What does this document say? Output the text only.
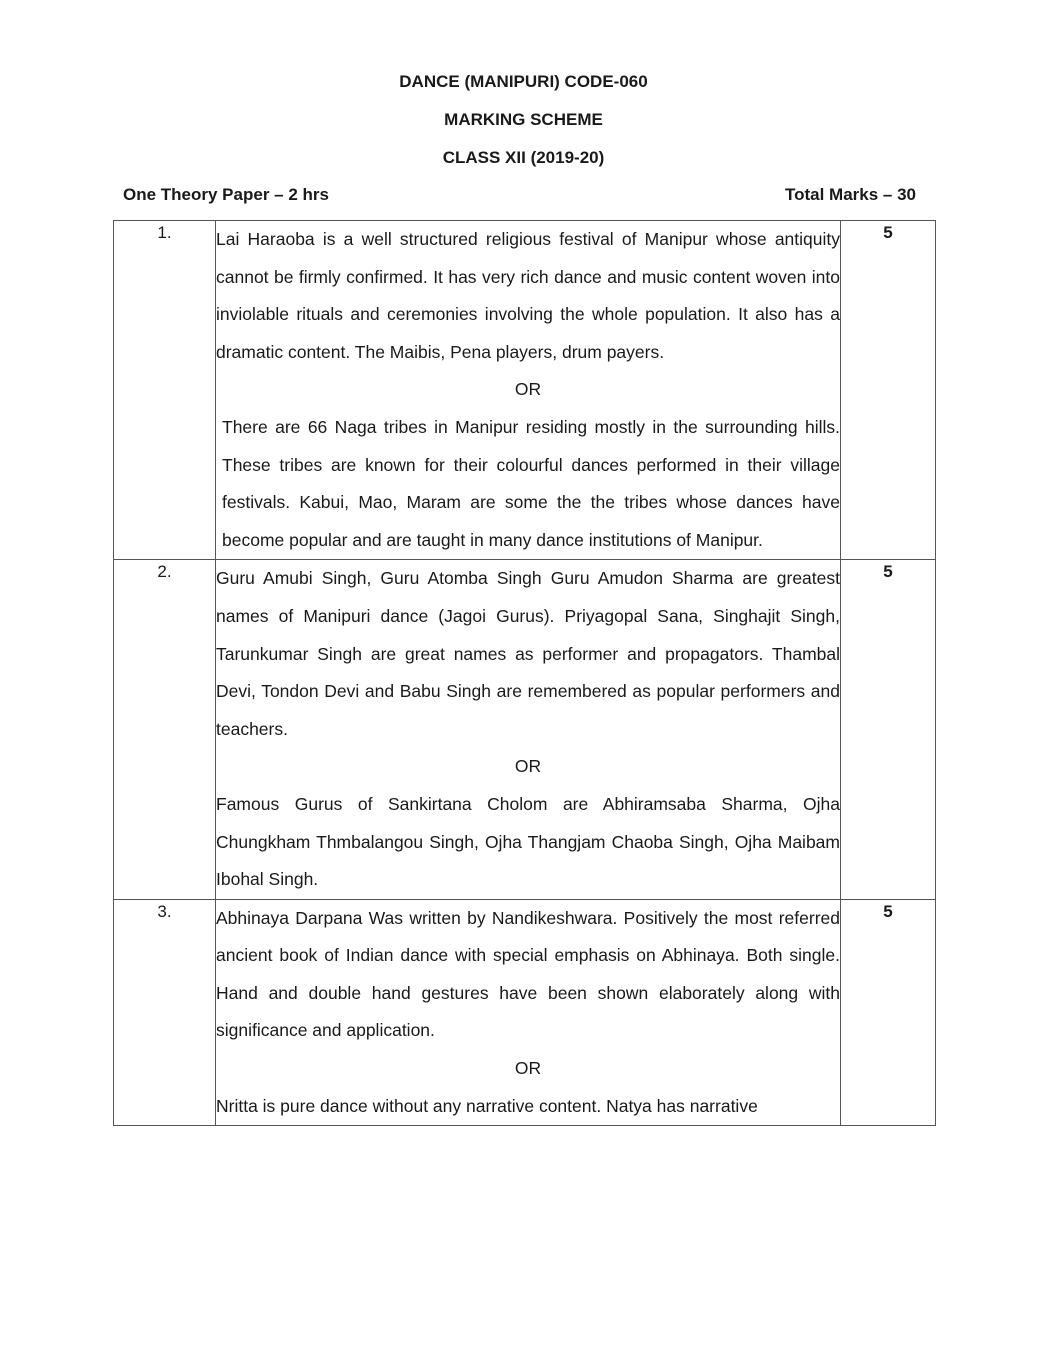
DANCE (MANIPURI) CODE-060
MARKING SCHEME
CLASS XII (2019-20)
One Theory Paper – 2 hrs	Total Marks – 30
1.	Lai Haraoba is a well structured religious festival of Manipur whose antiquity cannot be firmly confirmed. It has very rich dance and music content woven into inviolable rituals and ceremonies involving the whole population. It also has a dramatic content. The Maibis, Pena players, drum payers.

OR

There are 66 Naga tribes in Manipur residing mostly in the surrounding hills. These tribes are known for their colourful dances performed in their village festivals. Kabui, Mao, Maram are some the the tribes whose dances have become popular and are taught in many dance institutions of Manipur.	5
2.	Guru Amubi Singh, Guru Atomba Singh Guru Amudon Sharma are greatest names of Manipuri dance (Jagoi Gurus). Priyagopal Sana, Singhajit Singh, Tarunkumar Singh are great names as performer and propagators. Thambal Devi, Tondon Devi and Babu Singh are remembered as popular performers and teachers.

OR

Famous Gurus of Sankirtana Cholom are Abhiramsaba Sharma, Ojha Chungkham Thmbalangou Singh, Ojha Thangjam Chaoba Singh, Ojha Maibam Ibohal Singh.	5
3.	Abhinaya Darpana Was written by Nandikeshwara. Positively the most referred ancient book of Indian dance with special emphasis on Abhinaya. Both single. Hand and double hand gestures have been shown elaborately along with significance and application.

OR

Nritta is pure dance without any narrative content. Natya has narrative	5
